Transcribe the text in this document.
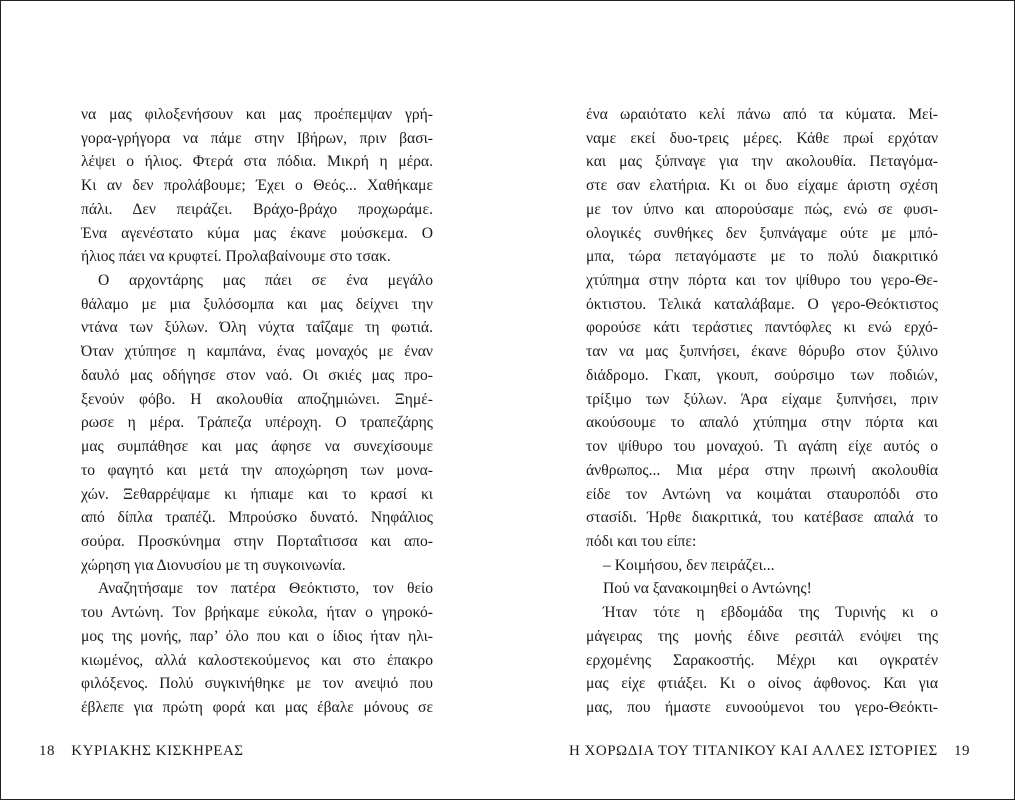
να μας φιλοξενήσουν και μας προέπεμψαν γρή-
γορα-γρήγορα να πάμε στην Ιβήρων, πριν βασι-
λέψει ο ήλιος. Φτερά στα πόδια. Μικρή η μέρα.
Κι αν δεν προλάβουμε; Έχει ο Θεός... Χαθήκαμε
πάλι. Δεν πειράζει. Βράχο-βράχο προχωράμε.
Ένα αγενέστατο κύμα μας έκανε μούσκεμα. Ο
ήλιος πάει να κρυφτεί. Προλαβαίνουμε στο τσακ.
Ο αρχοντάρης μας πάει σε ένα μεγάλο
θάλαμο με μια ξυλόσομπα και μας δείχνει την
ντάνα των ξύλων. Όλη νύχτα ταΐζαμε τη φωτιά.
Όταν χτύπησε η καμπάνα, ένας μοναχός με έναν
δαυλό μας οδήγησε στον ναό. Οι σκιές μας προ-
ξενούν φόβο. Η ακολουθία αποζημιώνει. Ξημέ-
ρωσε η μέρα. Τράπεζα υπέροχη. Ο τραπεζάρης
μας συμπάθησε και μας άφησε να συνεχίσουμε
το φαγητό και μετά την αποχώρηση των μονα-
χών. Ξεθαρρέψαμε κι ήπιαμε και το κρασί κι
από δίπλα τραπέζι. Μπρούσκο δυνατό. Νηφάλιος
σούρα. Προσκύνημα στην Πορταΐτισσα και απο-
χώρηση για Διονυσίου με τη συγκοινωνία.
Αναζητήσαμε τον πατέρα Θεόκτιστο, τον θείο
του Αντώνη. Τον βρήκαμε εύκολα, ήταν ο γηροκό-
μος της μονής, παρ’ όλο που και ο ίδιος ήταν ηλι-
κιωμένος, αλλά καλοστεκούμενος και στο έπακρο
φιλόξενος. Πολύ συγκινήθηκε με τον ανεψιό που
έβλεπε για πρώτη φορά και μας έβαλε μόνους σε
ένα ωραιότατο κελί πάνω από τα κύματα. Μεί-
ναμε εκεί δυο-τρεις μέρες. Κάθε πρωί ερχόταν
και μας ξύπναγε για την ακολουθία. Πεταγόμα-
στε σαν ελατήρια. Κι οι δυο είχαμε άριστη σχέση
με τον ύπνο και απορούσαμε πώς, ενώ σε φυσι-
ολογικές συνθήκες δεν ξυπνάγαμε ούτε με μπό-
μπα, τώρα πεταγόμαστε με το πολύ διακριτικό
χτύπημα στην πόρτα και τον ψίθυρο του γερο-Θε-
όκτιστου. Τελικά καταλάβαμε. Ο γερο-Θεόκτιστος
φορούσε κάτι τεράστιες παντόφλες κι ενώ ερχό-
ταν να μας ξυπνήσει, έκανε θόρυβο στον ξύλινο
διάδρομο. Γκαπ, γκουπ, σούρσιμο των ποδιών,
τρίξιμο των ξύλων. Άρα είχαμε ξυπνήσει, πριν
ακούσουμε το απαλό χτύπημα στην πόρτα και
τον ψίθυρο του μοναχού. Τι αγάπη είχε αυτός ο
άνθρωπος... Μια μέρα στην πρωινή ακολουθία
είδε τον Αντώνη να κοιμάται σταυροπόδι στο
στασίδι. Ήρθε διακριτικά, του κατέβασε απαλά το
πόδι και του είπε:
– Κοιμήσου, δεν πειράζει...
Πού να ξανακοιμηθεί ο Αντώνης!
Ήταν τότε η εβδομάδα της Τυρινής κι ο
μάγειρας της μονής έδινε ρεσιτάλ ενόψει της
ερχομένης Σαρακοστής. Μέχρι και ογκρατέν
μας είχε φτιάξει. Κι ο οίνος άφθονος. Και για
μας, που ήμαστε ευνοούμενοι του γερο-Θεόκτι-
18 ΚΥΡΙΑΚΗΣ ΚΙΣΚΗΡΕΑΣ	Η ΧΟΡΩΔΙΑ ΤΟΥ ΤΙΤΑΝΙΚΟΥ ΚΑΙ ΑΛΛΕΣ ΙΣΤΟΡΙΕΣ 19
